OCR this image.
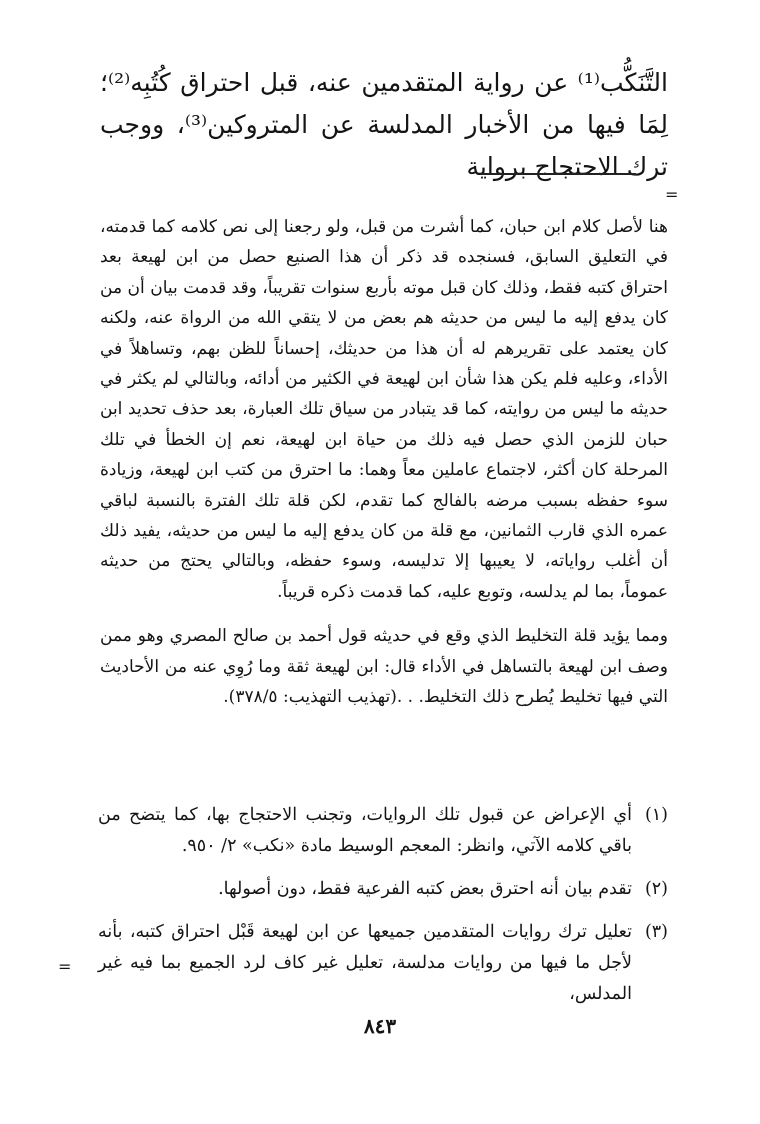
التَّنَكُّب⁽¹⁾ عن رواية المتقدمين عنه، قبل احتراق كُتُبِه⁽²⁾؛ لِمَا فيها من الأخبار المدلسة عن المتروكين⁽³⁾، ووجب ترك الاحتجاج برواية

=

هنا لأصل كلام ابن حبان، كما أشرت من قبل، ولو رجعنا إلى نص كلامه كما قدمته، في التعليق السابق، فسنجده قد ذكر أن هذا الصنيع حصل من ابن لهيعة بعد احتراق كتبه فقط، وذلك كان قبل موته بأربع سنوات تقريباً، وقد قدمت بيان أن من كان يدفع إليه ما ليس من حديثه هم بعض من لا يتقي الله من الرواة عنه، ولكنه كان يعتمد على تقريرهم له أن هذا من حديثك، إحساناً للظن بهم، وتساهلاً في الأداء، وعليه فلم يكن هذا شأن ابن لهيعة في الكثير من أدائه، وبالتالي لم يكثر في حديثه ما ليس من روايته، كما قد يتبادر من سياق تلك العبارة، بعد حذف تحديد ابن حبان للزمن الذي حصل فيه ذلك من حياة ابن لهيعة، نعم إن الخطأ في تلك المرحلة كان أكثر، لاجتماع عاملين معاً وهما: ما احترق من كتب ابن لهيعة، وزيادة سوء حفظه بسبب مرضه بالفالج كما تقدم، لكن قلة تلك الفترة بالنسبة لباقي عمره الذي قارب الثمانين، مع قلة من كان يدفع إليه ما ليس من حديثه، يفيد ذلك أن أغلب رواياته، لا يعيبها إلا تدليسه، وسوء حفظه، وبالتالي يحتج من حديثه عموماً، بما لم يدلسه، وتوبع عليه، كما قدمت ذكره قريباً.

ومما يؤيد قلة التخليط الذي وقع في حديثه قول أحمد بن صالح المصري وهو ممن وصف ابن لهيعة بالتساهل في الأداء قال: ابن لهيعة ثقة وما رُوِي عنه من الأحاديث التي فيها تخليط يُطرح ذلك التخليط. . .(تهذيب التهذيب: ٣٧٨/٥).

(١)
أي الإعراض عن قبول تلك الروايات، وتجنب الاحتجاج بها، كما يتضح من باقي كلامه الآتي، وانظر: المعجم الوسيط مادة «نكب» ٢/ ٩٥٠.
(٢)
تقدم بيان أنه احترق بعض كتبه الفرعية فقط، دون أصولها.
(٣)
تعليل ترك روايات المتقدمين جميعها عن ابن لهيعة قَبْل احتراق كتبه، بأنه لأجل ما فيها من روايات مدلسة، تعليل غير كاف لرد الجميع بما فيه غير المدلس،
=
٨٤٣
